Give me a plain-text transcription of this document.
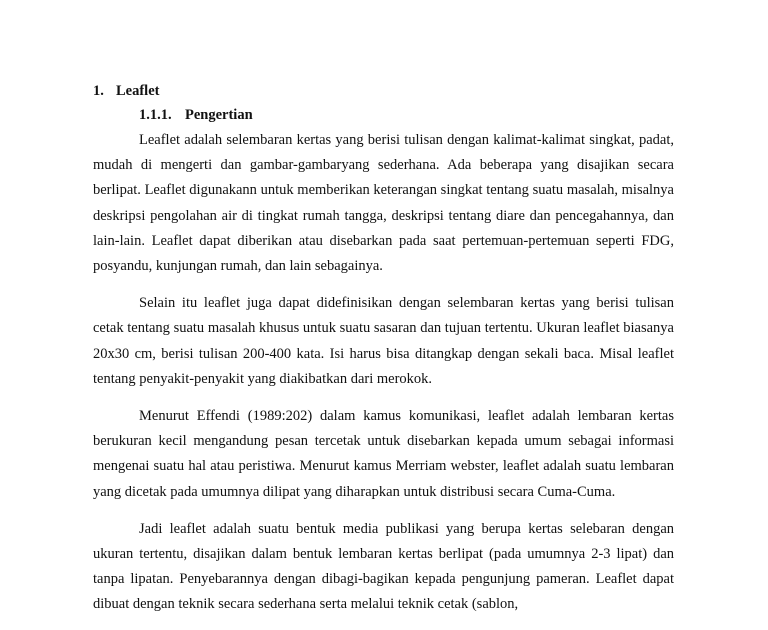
1. Leaflet

1.1.1. Pengertian

Leaflet adalah selembaran kertas yang berisi tulisan dengan kalimat-kalimat singkat, padat, mudah di mengerti dan gambar-gambaryang sederhana. Ada beberapa yang disajikan secara berlipat. Leaflet digunakann untuk memberikan keterangan singkat tentang suatu masalah, misalnya deskripsi pengolahan air di tingkat rumah tangga, deskripsi tentang diare dan pencegahannya, dan lain-lain. Leaflet dapat diberikan atau disebarkan pada saat pertemuan-pertemuan seperti FDG, posyandu, kunjungan rumah, dan lain sebagainya.

Selain itu leaflet juga dapat didefinisikan dengan selembaran kertas yang berisi tulisan cetak tentang suatu masalah khusus untuk suatu sasaran dan tujuan tertentu. Ukuran leaflet biasanya 20x30 cm, berisi tulisan 200-400 kata. Isi harus bisa ditangkap dengan sekali baca. Misal leaflet tentang penyakit-penyakit yang diakibatkan dari merokok.

Menurut Effendi (1989:202) dalam kamus komunikasi, leaflet adalah lembaran kertas berukuran kecil mengandung pesan tercetak untuk disebarkan kepada umum sebagai informasi mengenai suatu hal atau peristiwa. Menurut kamus Merriam webster, leaflet adalah suatu lembaran yang dicetak pada umumnya dilipat yang diharapkan untuk distribusi secara Cuma-Cuma.

Jadi leaflet adalah suatu bentuk media publikasi yang berupa kertas selebaran dengan ukuran tertentu, disajikan dalam bentuk lembaran kertas berlipat (pada umumnya 2-3 lipat) dan tanpa lipatan. Penyebarannya dengan dibagi-bagikan kepada pengunjung pameran. Leaflet dapat dibuat dengan teknik secara sederhana serta melalui teknik cetak (sablon,
